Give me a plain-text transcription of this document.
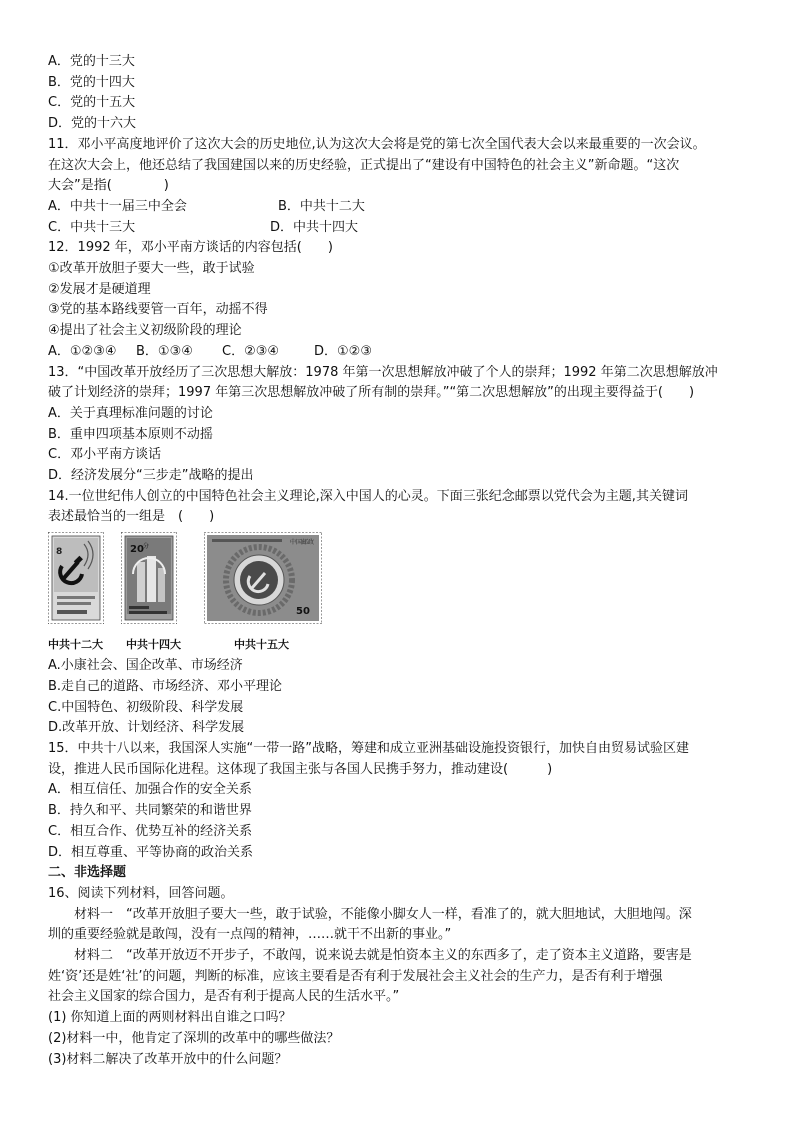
A．党的十三大
B．党的十四大
C．党的十五大
D．党的十六大
11．邓小平高度地评价了这次大会的历史地位,认为这次大会将是党的第七次全国代表大会以来最重要的一次会议。
在这次大会上，他还总结了我国建国以来的历史经验，正式提出了“建设有中国特色的社会主义”新命题。“这次
大会”是指(　　　　)
A．中共十一届三中全会	B．中共十二大
C．中共十三大	D．中共十四大
12．1992 年，邓小平南方谈话的内容包括(　　)
①改革开放胆子要大一些，敢于试验
②发展才是硬道理
③党的基本路线要管一百年，动摇不得
④提出了社会主义初级阶段的理论
A．①②③④	B．①③④	C．②③④	D．①②③
13．“中国改革开放经历了三次思想大解放：1978 年第一次思想解放冲破了个人的崇拜；1992 年第二次思想解放冲
破了计划经济的崇拜；1997 年第三次思想解放冲破了所有制的崇拜。”“第二次思想解放”的出现主要得益于(　　)
A．关于真理标准问题的讨论
B．重申四项基本原则不动摇
C．邓小平南方谈话
D．经济发展分“三步走”战略的提出
14.一位世纪伟人创立的中国特色社会主义理论,深入中国人的心灵。下面三张纪念邮票以党代会为主题,其关键词
表述最恰当的一组是　(　　)
8
中共十二大
20 分
中共十四大
中国邮政
50
中共十五大
A.小康社会、国企改革、市场经济
B.走自己的道路、市场经济、邓小平理论
C.中国特色、初级阶段、科学发展
D.改革开放、计划经济、科学发展
15．中共十八以来，我国深人实施“一带一路”战略，筹建和成立亚洲基础设施投资银行，加快自由贸易试验区建
设，推进人民币国际化进程。这体现了我国主张与各国人民携手努力，推动建设(　　　)
A．相互信任、加强合作的安全关系
B．持久和平、共同繁荣的和谐世界
C．相互合作、优势互补的经济关系
D．相互尊重、平等协商的政治关系
二、非选择题
16、阅读下列材料，回答问题。
材料一　“改革开放胆子要大一些，敢于试验，不能像小脚女人一样，看准了的，就大胆地试，大胆地闯。深
圳的重要经验就是敢闯，没有一点闯的精神，……就干不出新的事业。”
材料二　“改革开放迈不开步子，不敢闯，说来说去就是怕资本主义的东西多了，走了资本主义道路，要害是
姓‘资’还是姓‘社’的问题，判断的标准，应该主要看是否有利于发展社会主义社会的生产力，是否有利于增强
社会主义国家的综合国力，是否有利于提高人民的生活水平。”
(1) 你知道上面的两则材料出自谁之口吗？
(2)材料一中，他肯定了深圳的改革中的哪些做法？
(3)材料二解决了改革开放中的什么问题？
